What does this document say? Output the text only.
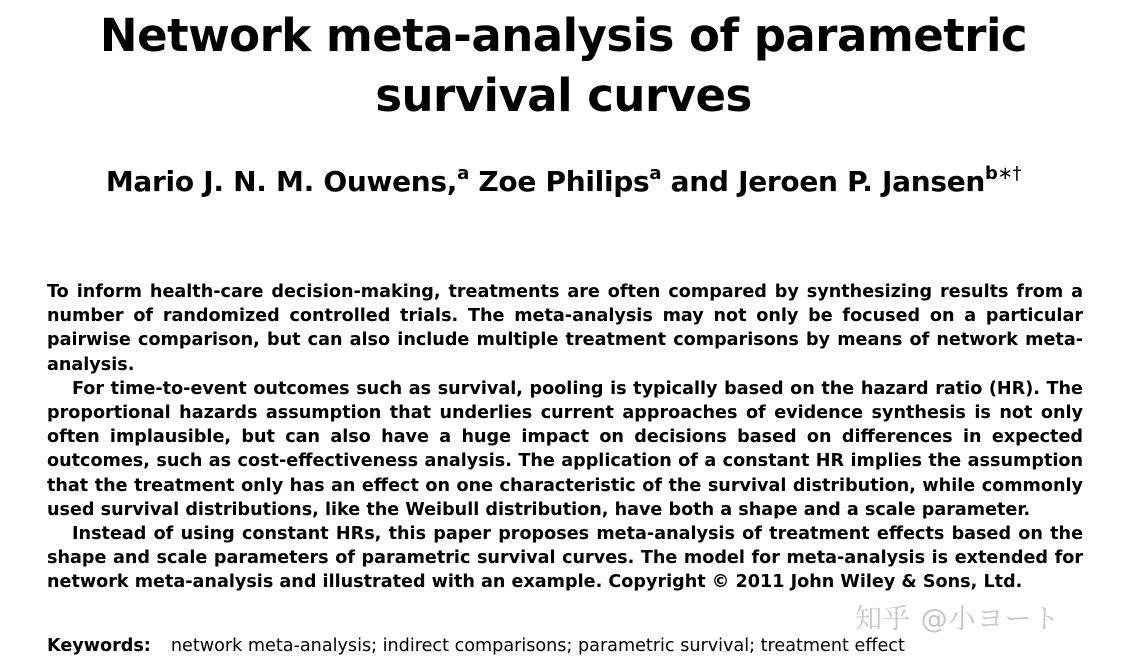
Network meta-analysis of parametric
survival curves
Mario J. N. M. Ouwens,$^a$ Zoe Philips$^a$ and Jeroen P. Jansen$^{b∗\dagger}$

To inform health-care decision-making, treatments are often compared by synthesizing results from a number of randomized controlled trials. The meta-analysis may not only be focused on a particular pairwise comparison, but can also include multiple treatment comparisons by means of network meta-analysis.

For time-to-event outcomes such as survival, pooling is typically based on the hazard ratio (HR). The proportional hazards assumption that underlies current approaches of evidence synthesis is not only often implausible, but can also have a huge impact on decisions based on differences in expected outcomes, such as cost-effectiveness analysis. The application of a constant HR implies the assumption that the treatment only has an effect on one characteristic of the survival distribution, while commonly used survival distributions, like the Weibull distribution, have both a shape and a scale parameter.

Instead of using constant HRs, this paper proposes meta-analysis of treatment effects based on the shape and scale parameters of parametric survival curves. The model for meta-analysis is extended for network meta-analysis and illustrated with an example. Copyright © 2011 John Wiley & Sons, Ltd.

Keywords: network meta-analysis; indirect comparisons; parametric survival; treatment effect
知乎 @小ヨート
